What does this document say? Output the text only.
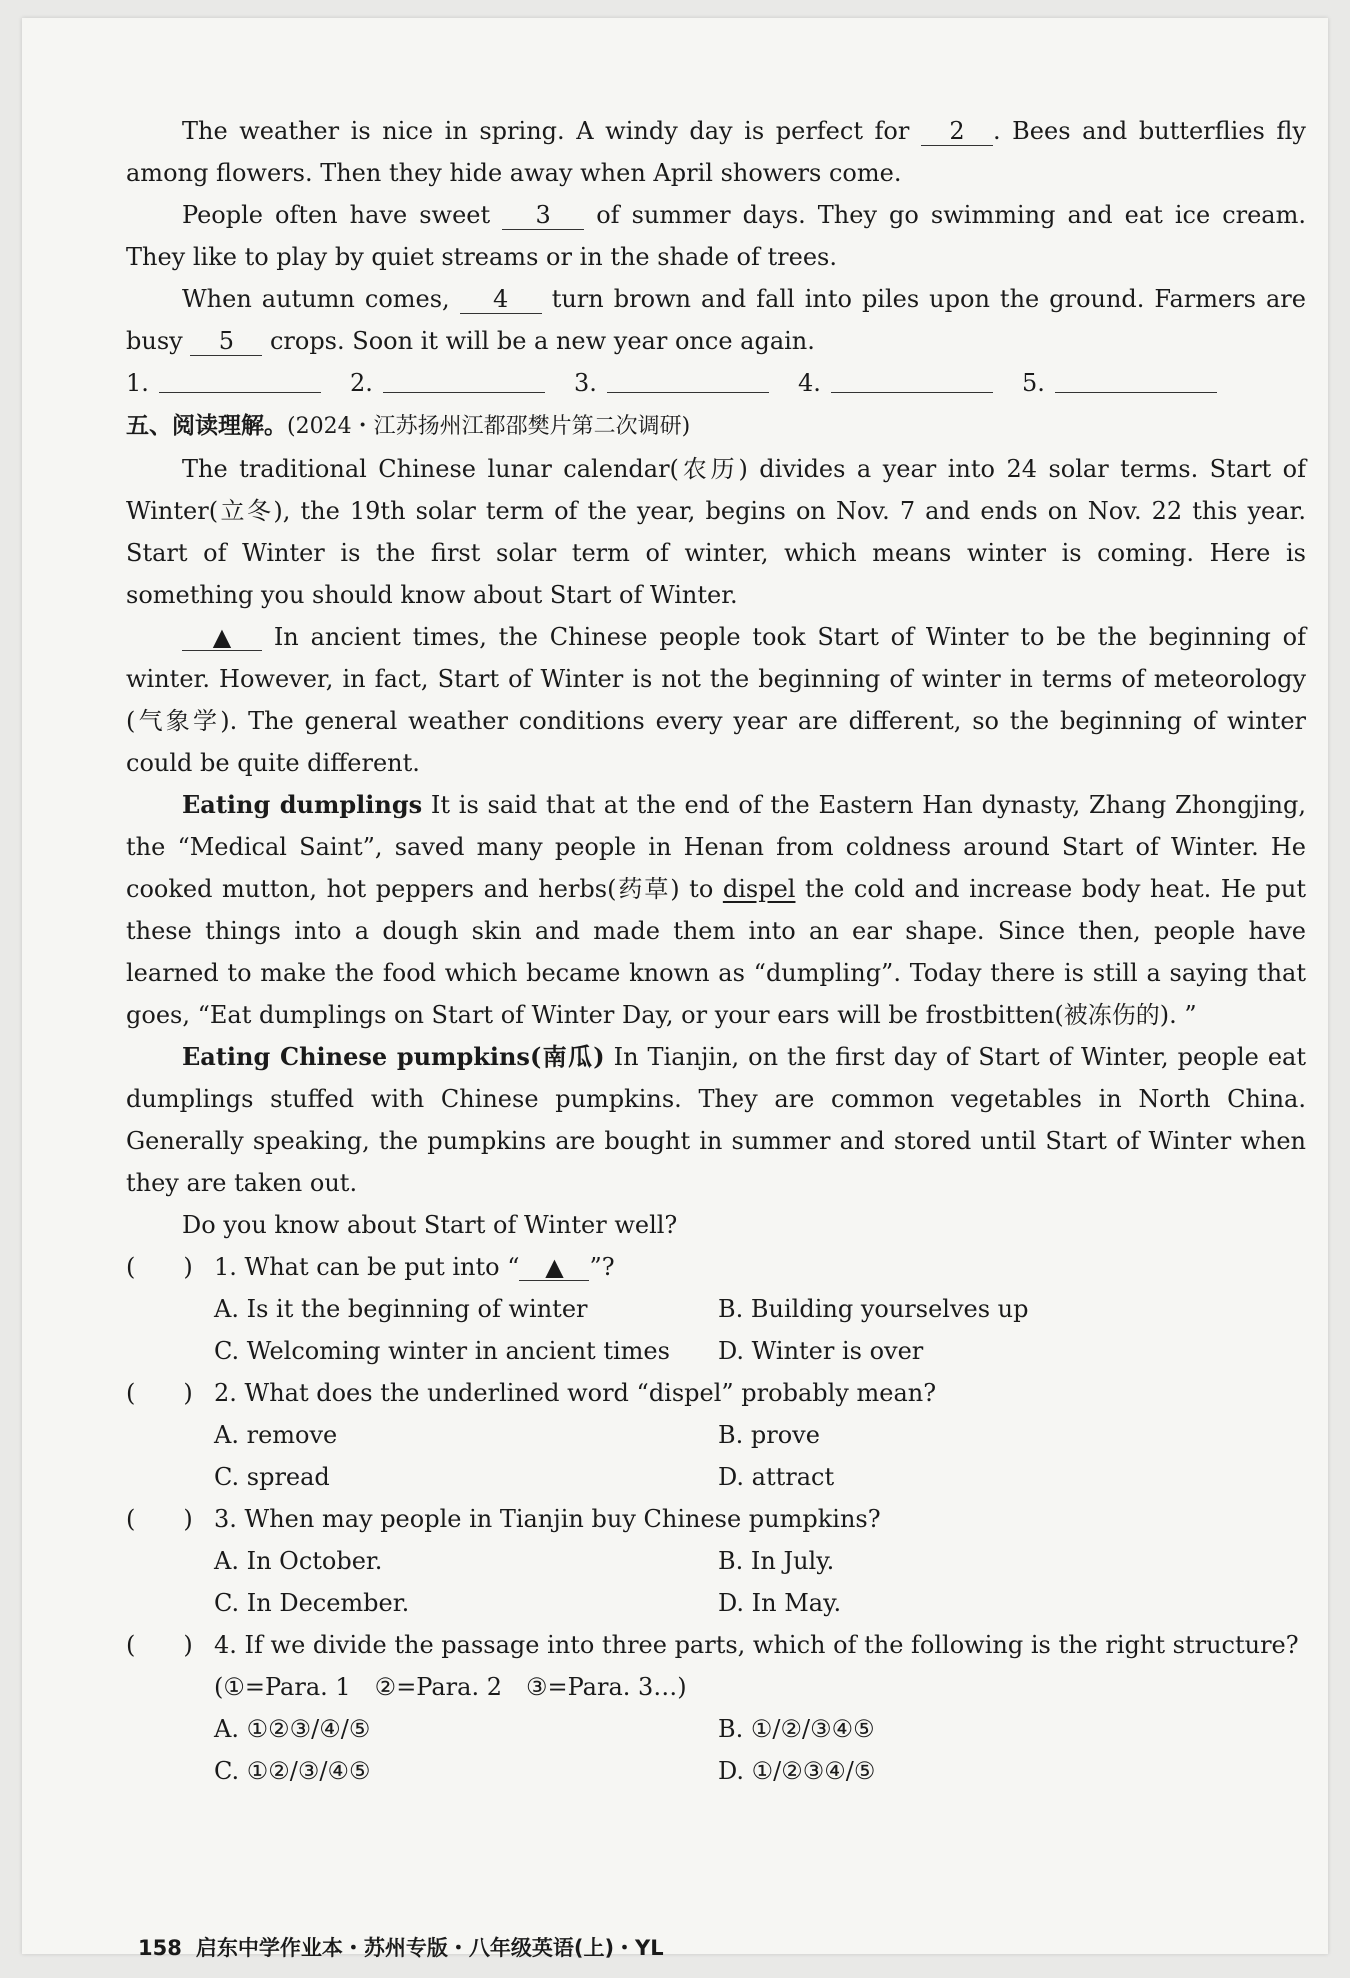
The weather is nice in spring. A windy day is perfect for 2 . Bees and butterflies fly among flowers. Then they hide away when April showers come.

People often have sweet 3 of summer days. They go swimming and eat ice cream. They like to play by quiet streams or in the shade of trees.

When autumn comes, 4 turn brown and fall into piles upon the ground. Farmers are busy 5 crops. Soon it will be a new year once again.

1.	2.	3.	4.	5.

五、阅读理解。(2024・江苏扬州江都邵樊片第二次调研)

The traditional Chinese lunar calendar(农历) divides a year into 24 solar terms. Start of Winter(立冬), the 19th solar term of the year, begins on Nov. 7 and ends on Nov. 22 this year. Start of Winter is the first solar term of winter, which means winter is coming. Here is something you should know about Start of Winter.

▲ In ancient times, the Chinese people took Start of Winter to be the beginning of winter. However, in fact, Start of Winter is not the beginning of winter in terms of meteorology (气象学). The general weather conditions every year are different, so the beginning of winter could be quite different.

Eating dumplings It is said that at the end of the Eastern Han dynasty, Zhang Zhongjing, the “Medical Saint”, saved many people in Henan from coldness around Start of Winter. He cooked mutton, hot peppers and herbs(药草) to dispel the cold and increase body heat. He put these things into a dough skin and made them into an ear shape. Since then, people have learned to make the food which became known as “dumpling”. Today there is still a saying that goes, “Eat dumplings on Start of Winter Day, or your ears will be frostbitten(被冻伤的). ”

Eating Chinese pumpkins(南瓜) In Tianjin, on the first day of Start of Winter, people eat dumplings stuffed with Chinese pumpkins. They are common vegetables in North China. Generally speaking, the pumpkins are bought in summer and stored until Start of Winter when they are taken out.

Do you know about Start of Winter well?

(　　) 1. What can be put into “ ▲ ”?
A. Is it the beginning of winter	B. Building yourselves up
C. Welcoming winter in ancient times	D. Winter is over
(　　) 2. What does the underlined word “dispel” probably mean?
A. remove	B. prove
C. spread	D. attract
(　　) 3. When may people in Tianjin buy Chinese pumpkins?
A. In October.	B. In July.
C. In December.	D. In May.
(　　) 4. If we divide the passage into three parts, which of the following is the right structure?
(①=Para. 1　②=Para. 2　③=Para. 3…)
A. ①②③/④/⑤	B. ①/②/③④⑤
C. ①②/③/④⑤	D. ①/②③④/⑤
158 启东中学作业本・苏州专版・八年级英语(上)・YL
